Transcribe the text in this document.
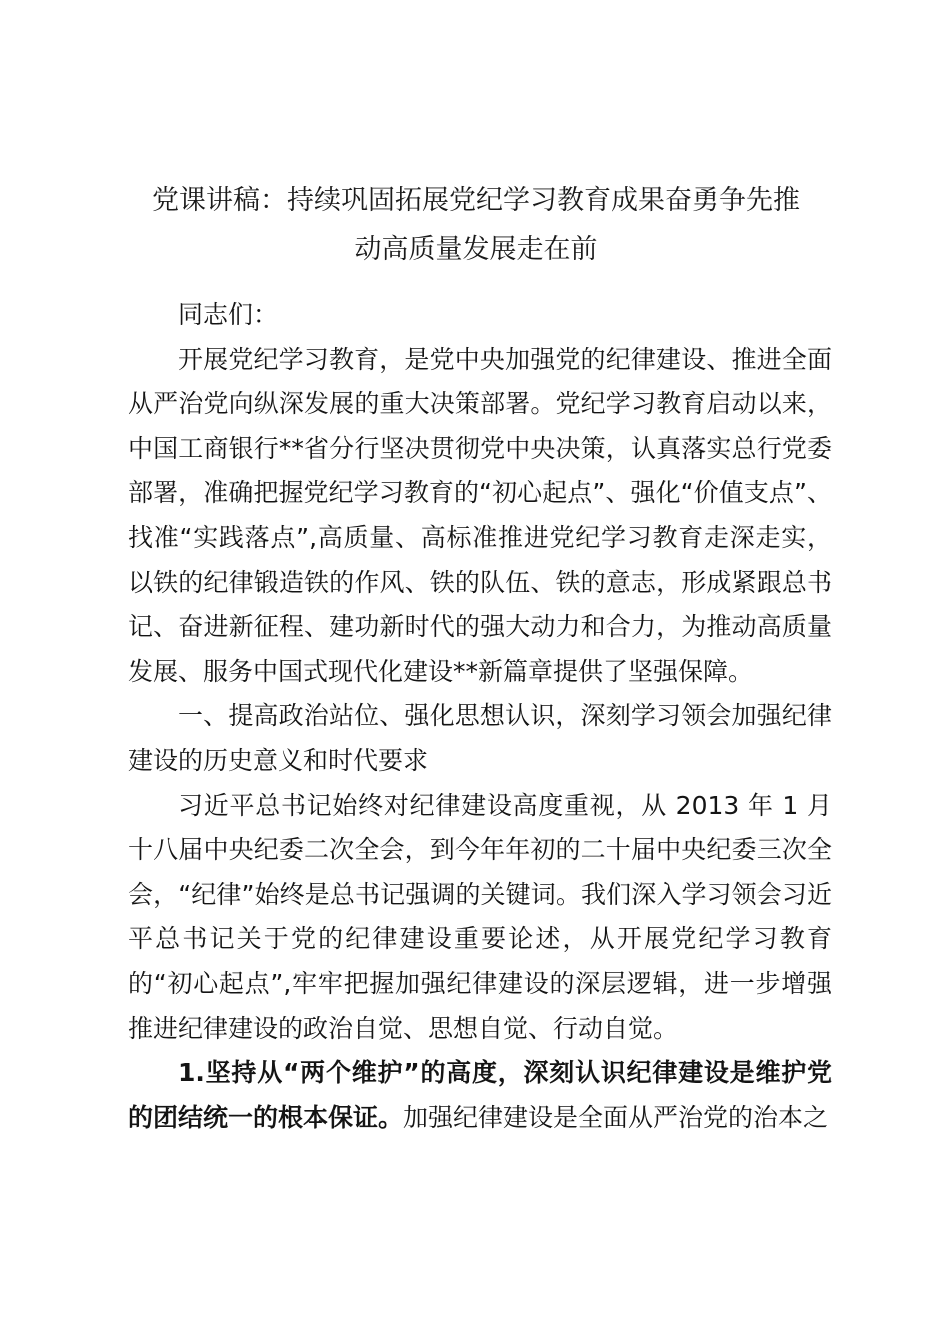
党课讲稿：持续巩固拓展党纪学习教育成果奋勇争先推
动高质量发展走在前

同志们：

开展党纪学习教育，是党中央加强党的纪律建设、推进全面从严治党向纵深发展的重大决策部署。党纪学习教育启动以来，中国工商银行**省分行坚决贯彻党中央决策，认真落实总行党委部署，准确把握党纪学习教育的“初心起点”、强化“价值支点”、找准“实践落点”,高质量、高标准推进党纪学习教育走深走实，以铁的纪律锻造铁的作风、铁的队伍、铁的意志，形成紧跟总书记、奋进新征程、建功新时代的强大动力和合力，为推动高质量发展、服务中国式现代化建设**新篇章提供了坚强保障。

一、提高政治站位、强化思想认识，深刻学习领会加强纪律建设的历史意义和时代要求

习近平总书记始终对纪律建设高度重视，从 2013 年 1 月十八届中央纪委二次全会，到今年年初的二十届中央纪委三次全会，“纪律”始终是总书记强调的关键词。我们深入学习领会习近平总书记关于党的纪律建设重要论述，从开展党纪学习教育的“初心起点”,牢牢把握加强纪律建设的深层逻辑，进一步增强推进纪律建设的政治自觉、思想自觉、行动自觉。

1.坚持从“两个维护”的高度，深刻认识纪律建设是维护党的团结统一的根本保证。加强纪律建设是全面从严治党的治本之
